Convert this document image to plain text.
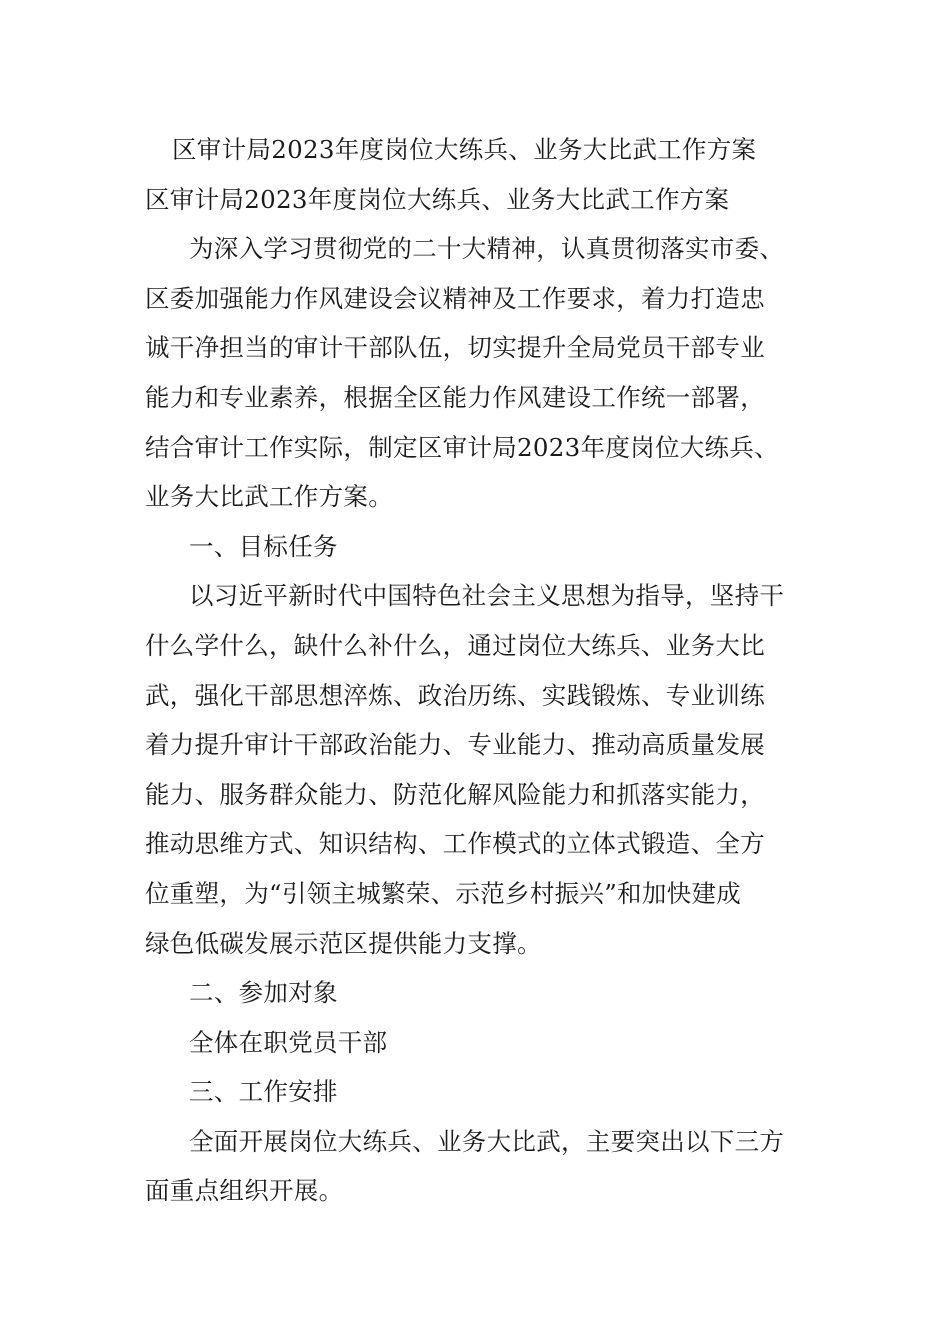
区审计局2023年度岗位大练兵、业务大比武工作方案
区审计局2023年度岗位大练兵、业务大比武工作方案
为深入学习贯彻党的二十大精神，认真贯彻落实市委、
区委加强能力作风建设会议精神及工作要求，着力打造忠
诚干净担当的审计干部队伍，切实提升全局党员干部专业
能力和专业素养，根据全区能力作风建设工作统一部署，
结合审计工作实际，制定区审计局2023年度岗位大练兵、
业务大比武工作方案。
一、目标任务
以习近平新时代中国特色社会主义思想为指导，坚持干
什么学什么，缺什么补什么，通过岗位大练兵、业务大比
武，强化干部思想淬炼、政治历练、实践锻炼、专业训练
着力提升审计干部政治能力、专业能力、推动高质量发展
能力、服务群众能力、防范化解风险能力和抓落实能力，
推动思维方式、知识结构、工作模式的立体式锻造、全方
位重塑，为“引领主城繁荣、示范乡村振兴”和加快建成
绿色低碳发展示范区提供能力支撑。
二、参加对象
全体在职党员干部
三、工作安排
全面开展岗位大练兵、业务大比武，主要突出以下三方
面重点组织开展。
